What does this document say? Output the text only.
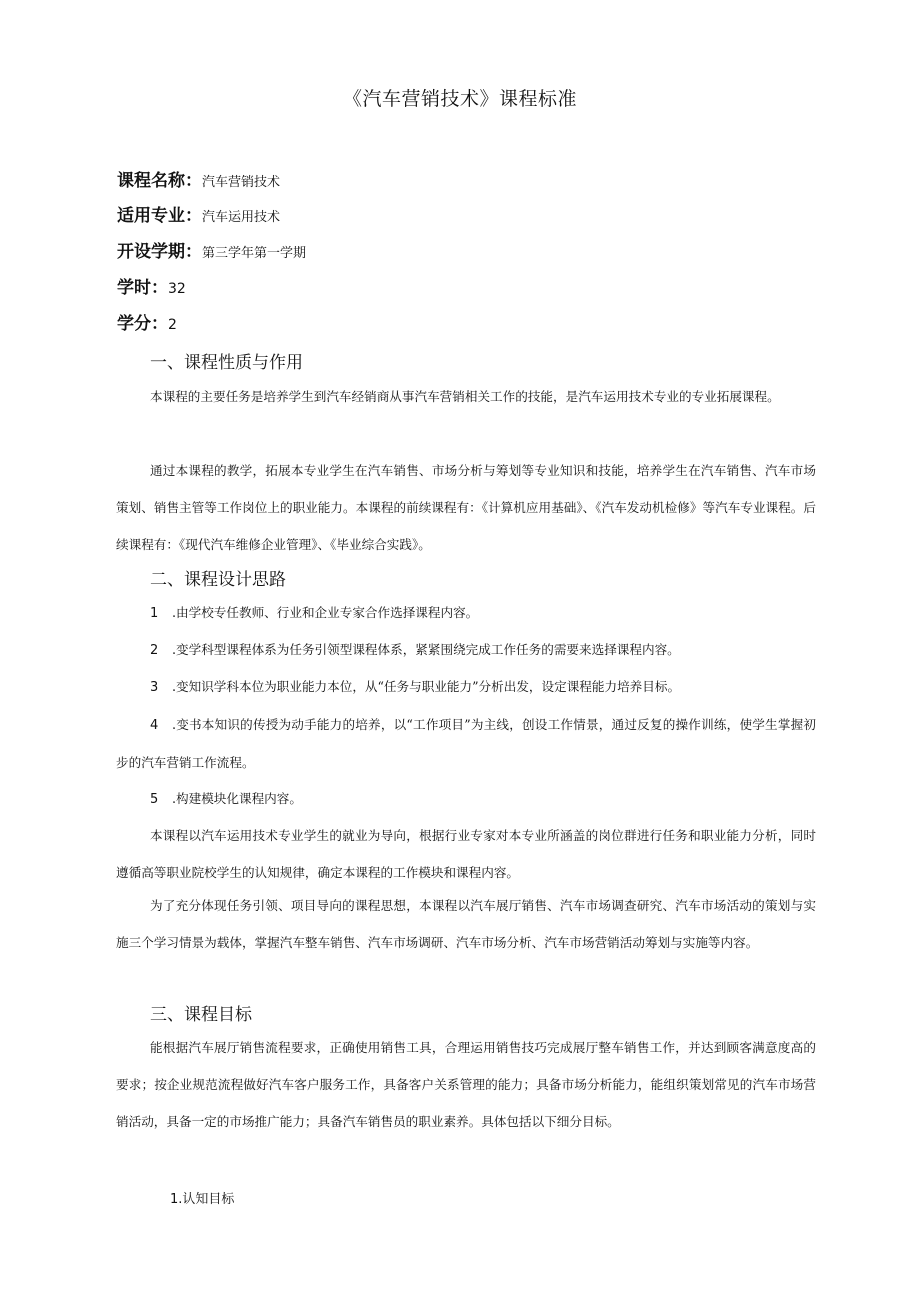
《汽车营销技术》课程标准
课程名称：汽车营销技术
适用专业：汽车运用技术
开设学期：第三学年第一学期
学时：32
学分：2
一、课程性质与作用

本课程的主要任务是培养学生到汽车经销商从事汽车营销相关工作的技能，是汽车运用技术专业的专业拓展课程。

通过本课程的教学，拓展本专业学生在汽车销售、市场分析与筹划等专业知识和技能，培养学生在汽车销售、汽车市场策划、销售主管等工作岗位上的职业能力。本课程的前续课程有：《计算机应用基础》、《汽车发动机检修》等汽车专业课程。后续课程有：《现代汽车维修企业管理》、《毕业综合实践》。

二、课程设计思路

1 .由学校专任教师、行业和企业专家合作选择课程内容。

2 .变学科型课程体系为任务引领型课程体系，紧紧围绕完成工作任务的需要来选择课程内容。

3 .变知识学科本位为职业能力本位，从“任务与职业能力”分析出发，设定课程能力培养目标。

4 .变书本知识的传授为动手能力的培养，以“工作项目”为主线，创设工作情景，通过反复的操作训练，使学生掌握初步的汽车营销工作流程。

5 .构建模块化课程内容。

本课程以汽车运用技术专业学生的就业为导向，根据行业专家对本专业所涵盖的岗位群进行任务和职业能力分析，同时遵循高等职业院校学生的认知规律，确定本课程的工作模块和课程内容。

为了充分体现任务引领、项目导向的课程思想，本课程以汽车展厅销售、汽车市场调查研究、汽车市场活动的策划与实施三个学习情景为载体，掌握汽车整车销售、汽车市场调研、汽车市场分析、汽车市场营销活动筹划与实施等内容。

三、课程目标

能根据汽车展厅销售流程要求，正确使用销售工具，合理运用销售技巧完成展厅整车销售工作，并达到顾客满意度高的要求；按企业规范流程做好汽车客户服务工作，具备客户关系管理的能力；具备市场分析能力，能组织策划常见的汽车市场营销活动，具备一定的市场推广能力；具备汽车销售员的职业素养。具体包括以下细分目标。

1.认知目标
